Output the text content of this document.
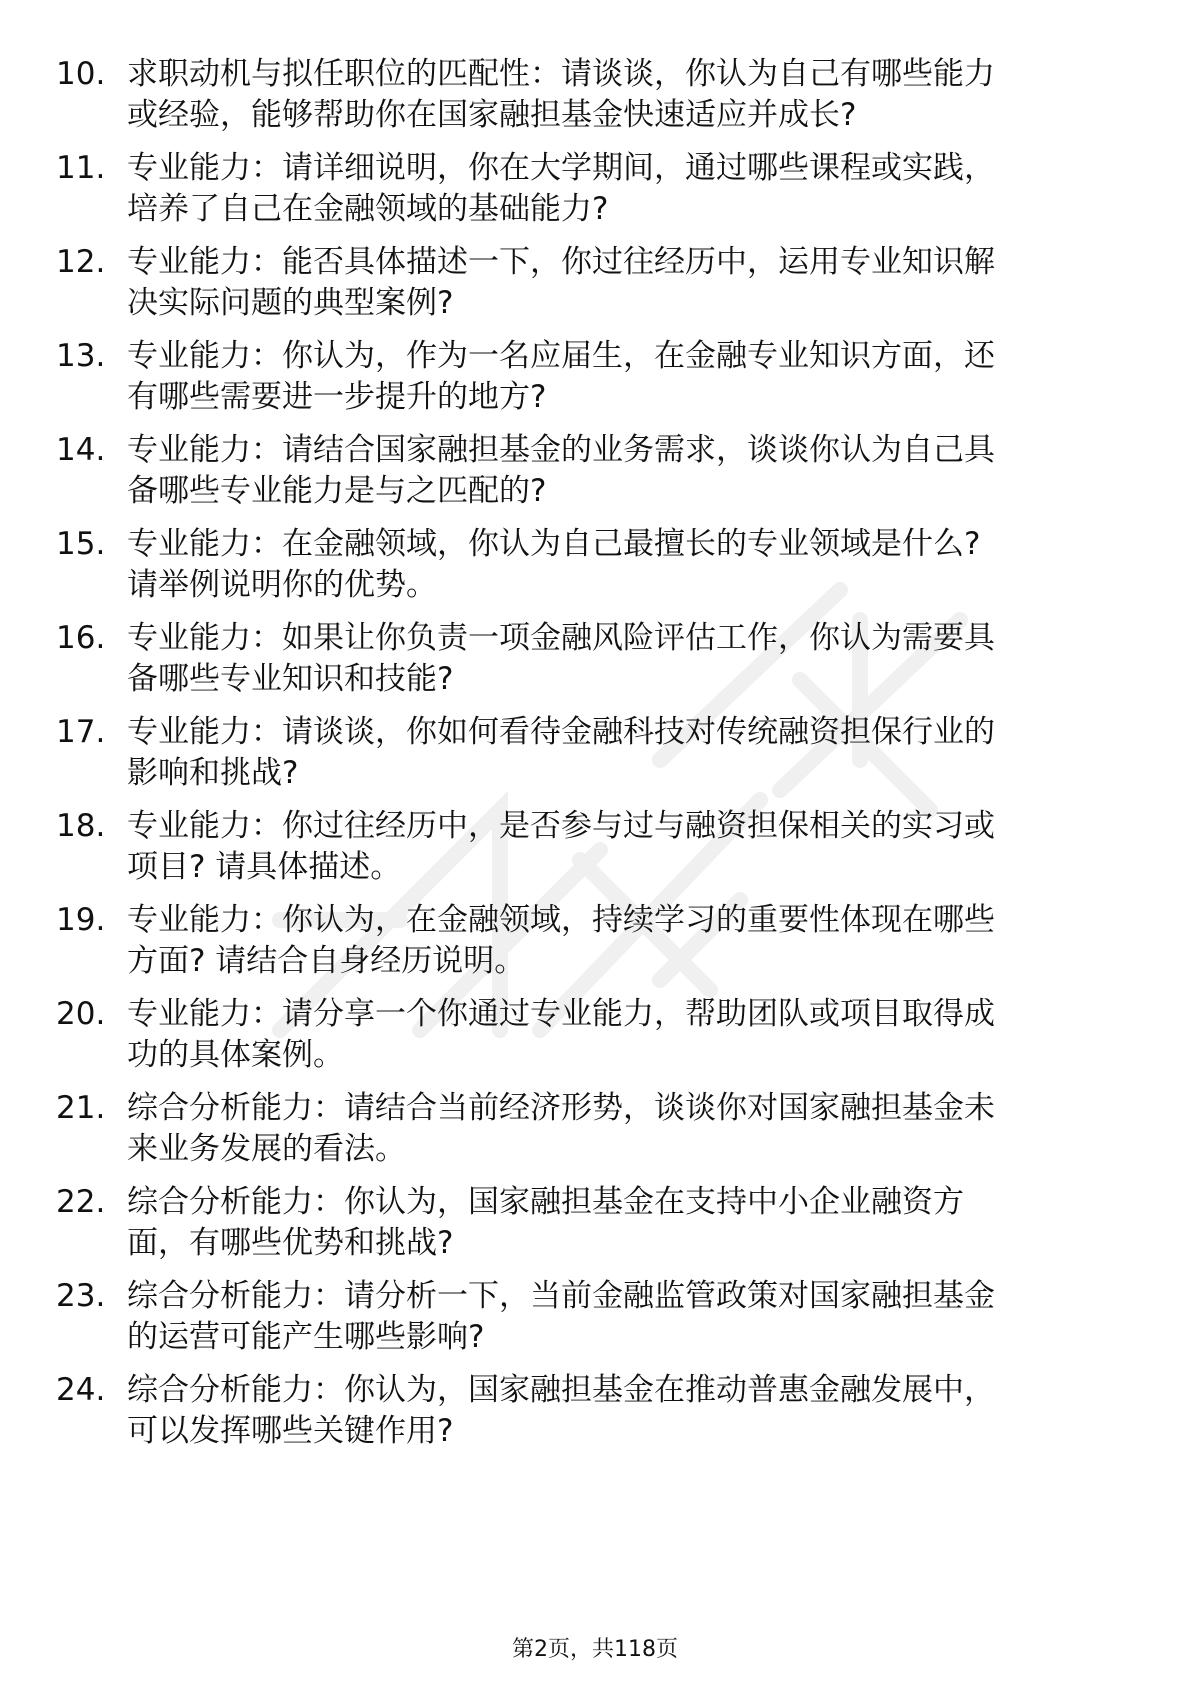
10. 求职动机与拟任职位的匹配性：请谈谈，你认为自己有哪些能力
或经验，能够帮助你在国家融担基金快速适应并成长?
11. 专业能力：请详细说明，你在大学期间，通过哪些课程或实践，
培养了自己在金融领域的基础能力?
12. 专业能力：能否具体描述一下，你过往经历中，运用专业知识解
决实际问题的典型案例?
13. 专业能力：你认为，作为一名应届生，在金融专业知识方面，还
有哪些需要进一步提升的地方?
14. 专业能力：请结合国家融担基金的业务需求，谈谈你认为自己具
备哪些专业能力是与之匹配的?
15. 专业能力：在金融领域，你认为自己最擅长的专业领域是什么?
请举例说明你的优势。
16. 专业能力：如果让你负责一项金融风险评估工作，你认为需要具
备哪些专业知识和技能?
17. 专业能力：请谈谈，你如何看待金融科技对传统融资担保行业的
影响和挑战?
18. 专业能力：你过往经历中，是否参与过与融资担保相关的实习或
项目? 请具体描述。
19. 专业能力：你认为，在金融领域，持续学习的重要性体现在哪些
方面? 请结合自身经历说明。
20. 专业能力：请分享一个你通过专业能力，帮助团队或项目取得成
功的具体案例。
21. 综合分析能力：请结合当前经济形势，谈谈你对国家融担基金未
来业务发展的看法。
22. 综合分析能力：你认为，国家融担基金在支持中小企业融资方
面，有哪些优势和挑战?
23. 综合分析能力：请分析一下，当前金融监管政策对国家融担基金
的运营可能产生哪些影响?
24. 综合分析能力：你认为，国家融担基金在推动普惠金融发展中，
可以发挥哪些关键作用?
第2页，共118页
